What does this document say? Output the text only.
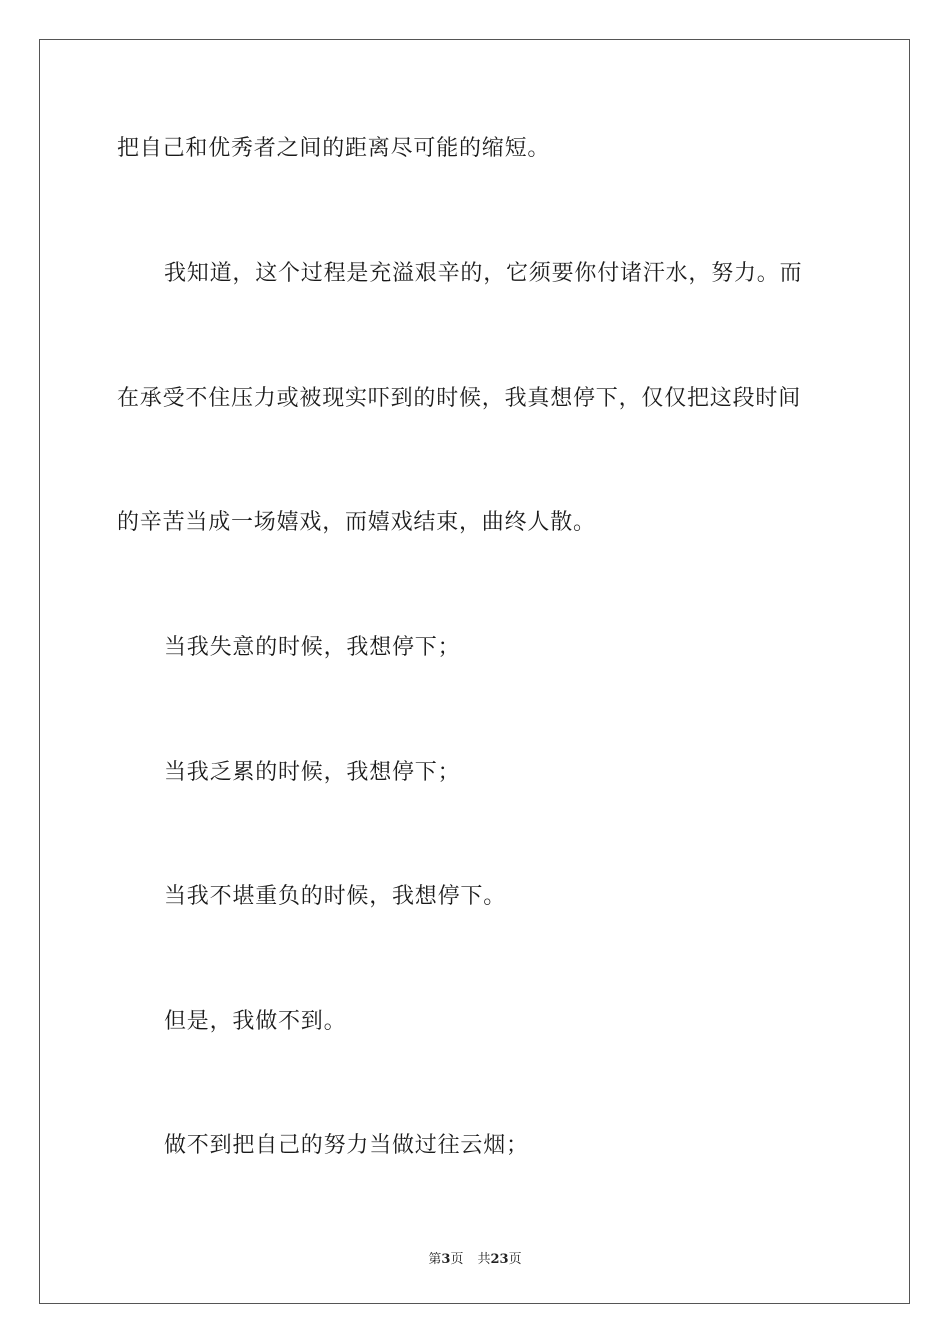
把自己和优秀者之间的距离尽可能的缩短。
我知道，这个过程是充溢艰辛的，它须要你付诸汗水，努力。而
在承受不住压力或被现实吓到的时候，我真想停下，仅仅把这段时间
的辛苦当成一场嬉戏，而嬉戏结束，曲终人散。
当我失意的时候，我想停下；
当我乏累的时候，我想停下；
当我不堪重负的时候，我想停下。
但是，我做不到。
做不到把自己的努力当做过往云烟；
第3页 共23页
